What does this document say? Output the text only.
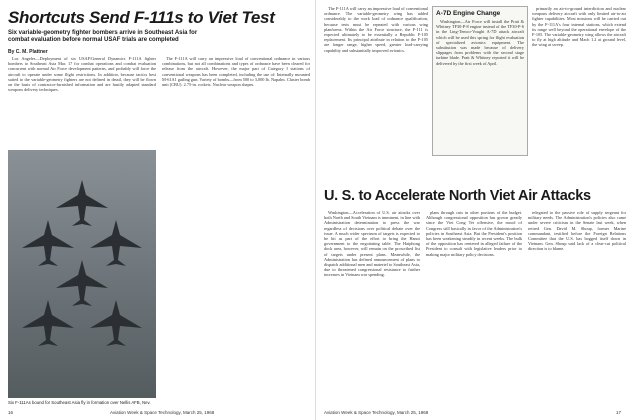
Shortcuts Send F-111s to Viet Test
Six variable-geometry fighter bombers arrive in Southeast Asia for combat evaluation before normal USAF trials are completed
By C. M. Plattner

Los Angeles—Deployment of six USAF/General Dynamics F-111A fighter bombers to Southeast Asia Mar. 17 for combat operations and combat evaluation concurrent with normal Air Force development patterns, and probably will force the aircraft to operate under some flight restrictions. In addition, because tactics best suited to the variable-geometry fighters are not defined in detail, they will be flown on the basis of contractor-furnished information and are hastily adapted standard weapons delivery techniques.

The F-111A will carry an impressive load of conventional ordnance in various combinations, but not all combinations and types of ordnance have been cleared for release from the aircraft. However, the major part of Category I stations of conventional weapons has been completed, including the use of: Internally mounted M-61A1 gatling gun. Variety of bombs—from 500 to 3,000 lb. Napalm. Cluster bomb unit (CBU). 2.75-in. rockets. Nuclear weapon shapes.

Six F-111As bound for Southeast Asia fly in formation over Nellis AFB, Nev.
16	Aviation Week & Space Technology, March 25, 1968

The F-111A will carry an impressive load of conventional ordnance. The variable-geometry wing has added considerably to the work load of ordnance qualification, because tests must be repeated with various wing planforms. Within the Air Force structure, the F-111 is expected ultimately to be essentially a Republic F-105 replacement. Its principal attribute in relation to the F-105 are longer range, higher speed, greater load-carrying capability and substantially improved avionics.

A-7D Engine Change

Washington—Air Force will install the Pratt & Whitney TF30-P-8 engine instead of the TF30-P-6 in the Ling-Temco-Vought A-7D attack aircraft which will be used this spring for flight evaluation of specialized avionics equipment. The substitution was made because of delivery slippages from problems with the second stage turbine blade. Pratt & Whitney reported it will be delivered by the first week of April.

primarily an air-to-ground interdiction and nuclear weapons delivery aircraft with only limited air-to-air fighter capabilities. Most missions will be carried out by the F-111A's four internal stations, which extend its range well beyond the operational envelope of the F-105. The variable-geometry wing allows the aircraft to fly at high altitude and Mach 1.2 at ground level, the wing at sweep.

U. S. to Accelerate North Viet Air Attacks

Washington—Acceleration of U.S. air attacks over both North and South Vietnam is imminent, in line with Administration determination to press the war regardless of decisions over political debate over the issue. A much wider spectrum of targets is expected to be hit as part of the effort to bring the Hanoi government to the negotiating table. The Haiphong dock area, however, will remain on the proscribed list of targets under present plans. Meanwhile, the Administration has defined announcement of plans to dispatch additional men and materiel to Southeast Asia, due to threatened congressional resistance to further increases in Vietnam war spending.

plans through cuts in other portions of the budget. Although congressional opposition has grown greatly since the Viet Cong Tet offensive, the mood of Congress still basically in favor of the Administration's policies in Southeast Asia. But the President's position has been weakening steadily in recent weeks. The bulk of the opposition has centered in alleged failure of the President to consult with legislative leaders prior to making major military policy decisions.

relegated to the passive role of supply sergeant for military needs. The Administration's policies also came under severe criticism in the Senate last week, when retired Gen. David M. Shoup, former Marine commandant, testified before the Foreign Relations Committee that the U.S. has bogged itself down in Vietnam. Gen. Shoup said lack of a clear-cut political direction is to blame.

Aviation Week & Space Technology, March 25, 1968	17
